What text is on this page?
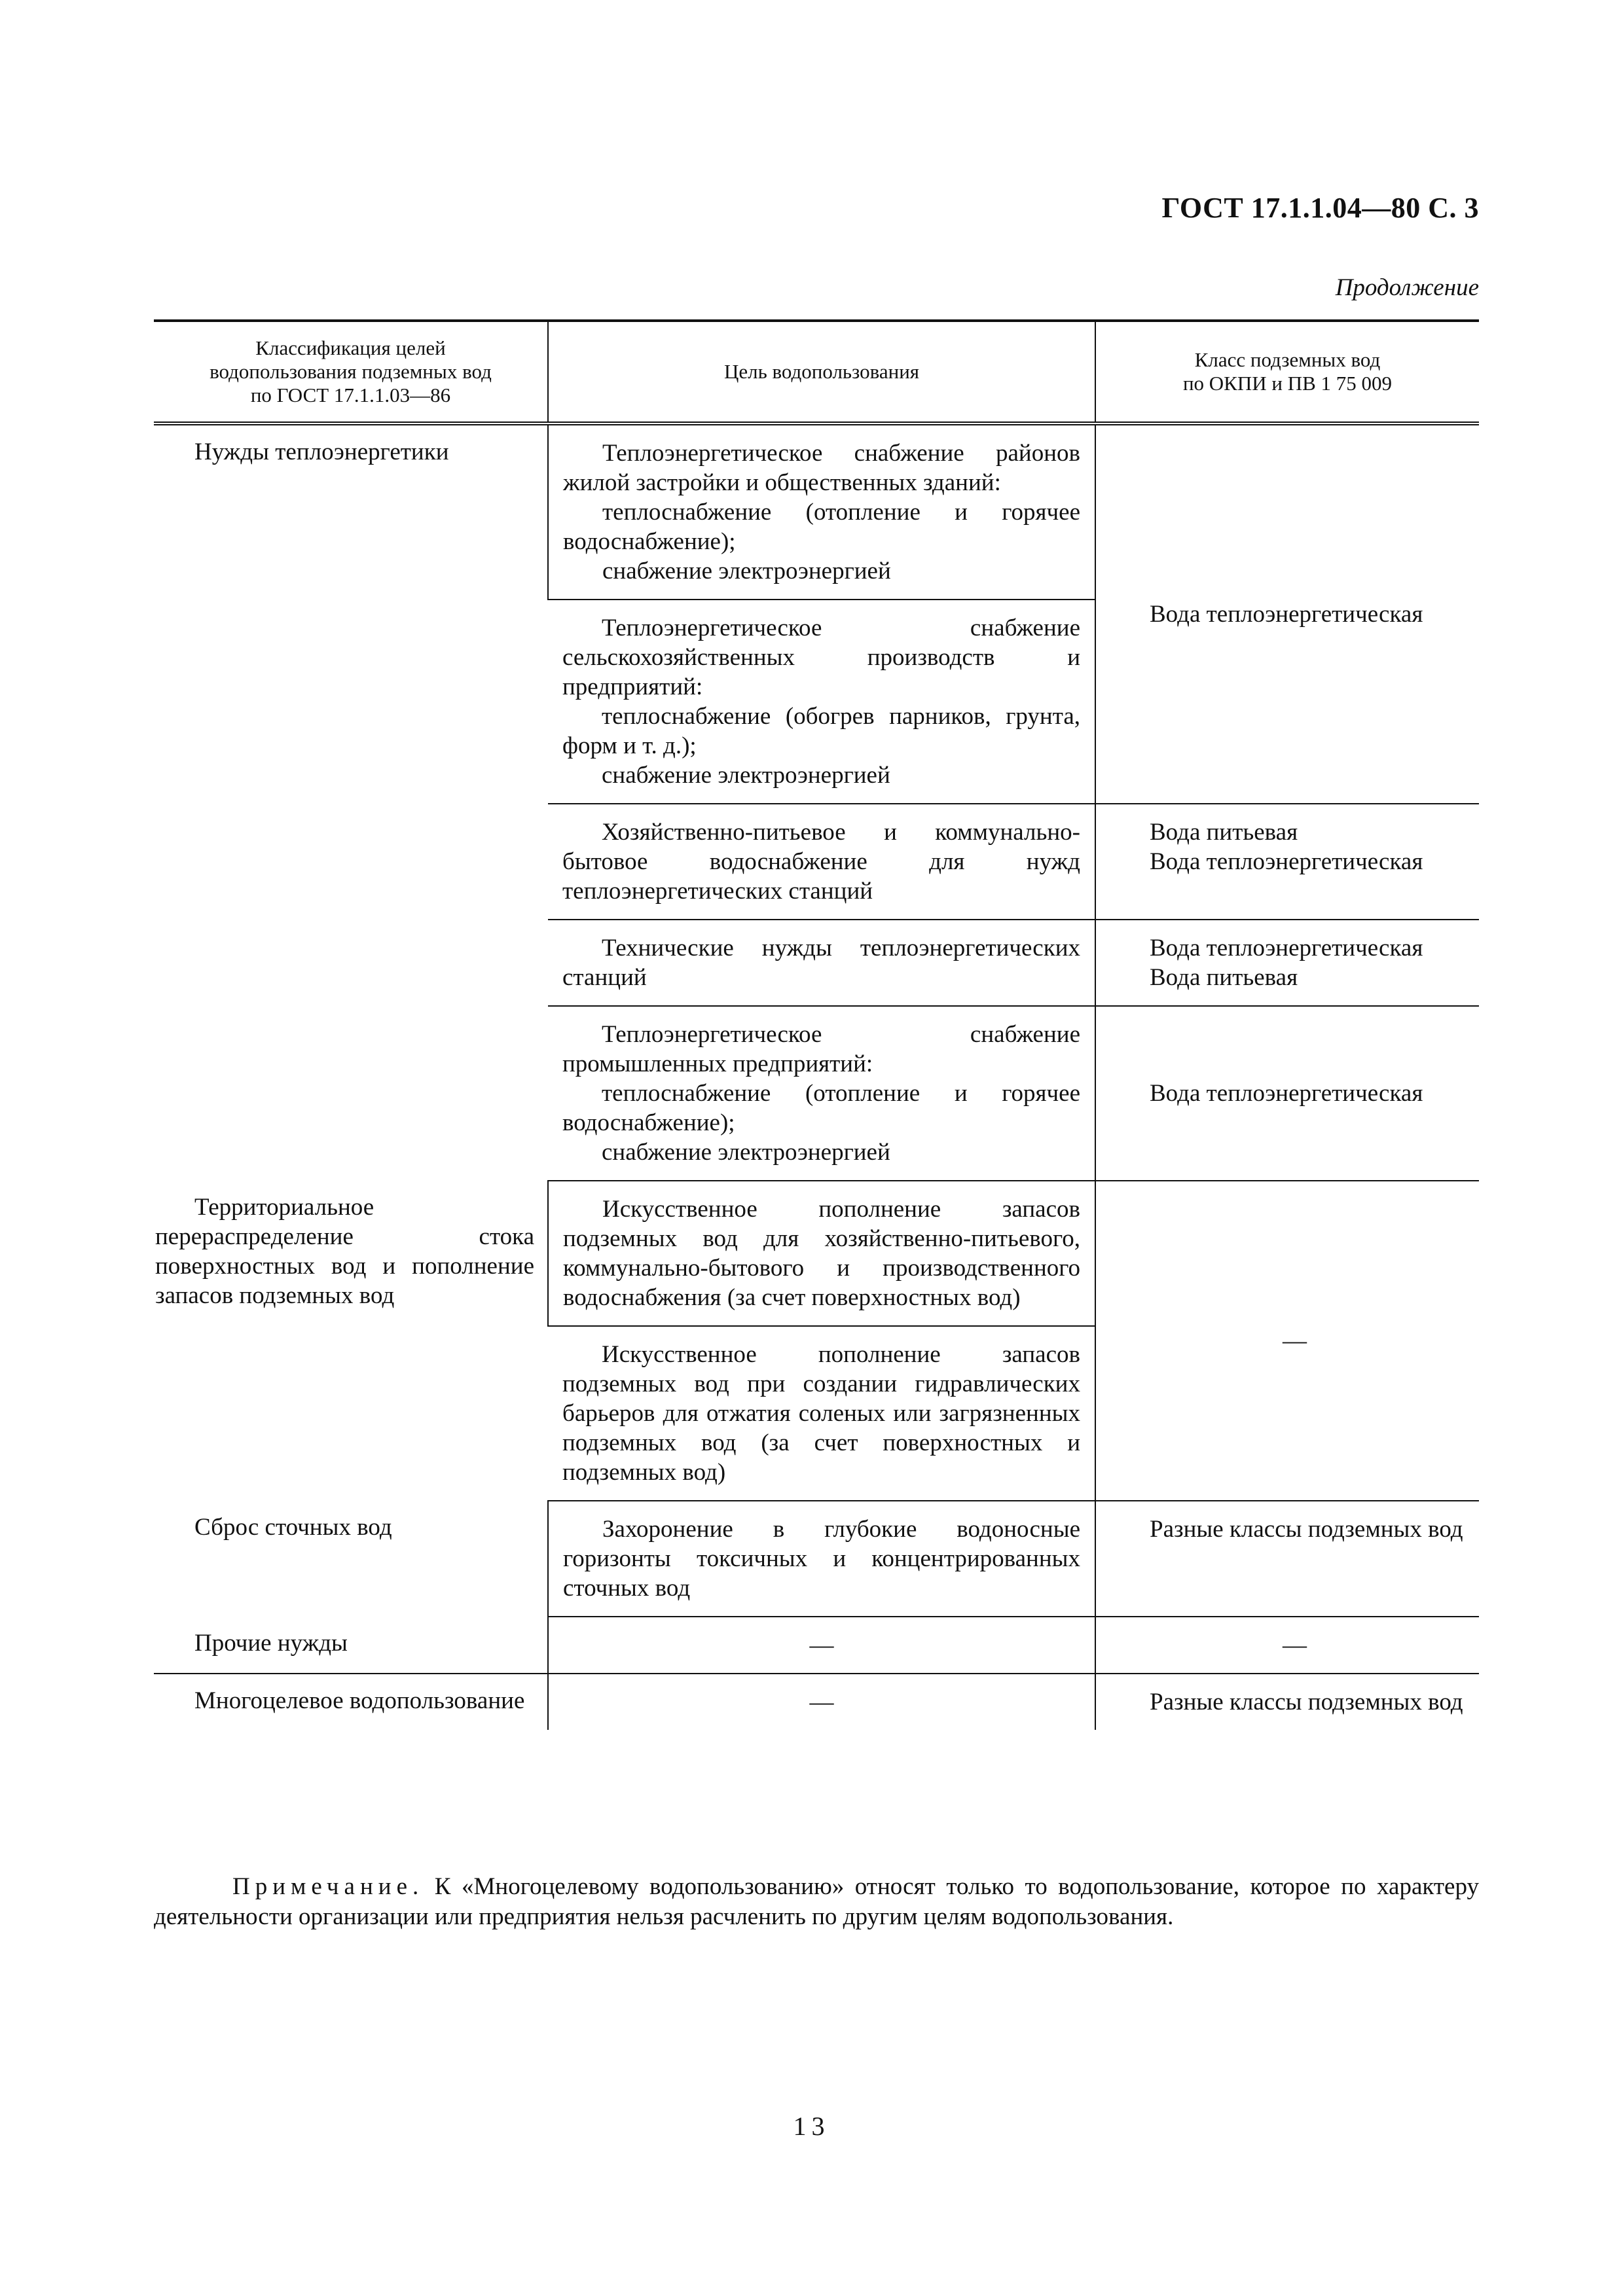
ГОСТ 17.1.1.04—80 С. 3
Продолжение
Классификация целей
водопользования подземных вод
по ГОСТ 17.1.1.03—86	Цель водопользования	Класс подземных вод
по ОКПИ и ПВ 1 75 009

Нужды теплоэнергетики	Теплоэнергетическое снабжение районов жилой застройки и общественных зданий:
теплоснабжение (отопление и горячее водоснабжение);
снабжение электроэнергией	Вода теплоэнергетическая

	Теплоэнергетическое снабжение сельскохозяйственных производств и предприятий:
теплоснабжение (обогрев парников, грунта, форм и т. д.);
снабжение электроэнергией	

	Хозяйственно-питьевое и коммунально-бытовое водоснабжение для нужд теплоэнергетических станций	Вода питьевая
Вода теплоэнергетическая

	Технические нужды теплоэнергетических станций	Вода теплоэнергетическая
Вода питьевая

	Теплоэнергетическое снабжение промышленных предприятий:
теплоснабжение (отопление и горячее водоснабжение);
снабжение электроэнергией	Вода теплоэнергетическая

Территориальное перераспределение стока поверхностных вод и пополнение запасов подземных вод	Искусственное пополнение запасов подземных вод для хозяйственно-питьевого, коммунально-бытового и производственного водоснабжения (за счет поверхностных вод)	—

	Искусственное пополнение запасов подземных вод при создании гидравлических барьеров для отжатия соленых или загрязненных подземных вод (за счет поверхностных и подземных вод)	

Сброс сточных вод	Захоронение в глубокие водоносные горизонты токсичных и концентрированных сточных вод	Разные классы подземных вод

Прочие нужды	—	—
Многоцелевое водопользование	—	Разные классы подземных вод
Примечание. К «Многоцелевому водопользованию» относят только то водопользование, которое по характеру деятельности организации или предприятия нельзя расчленить по другим целям водопользования.
13
